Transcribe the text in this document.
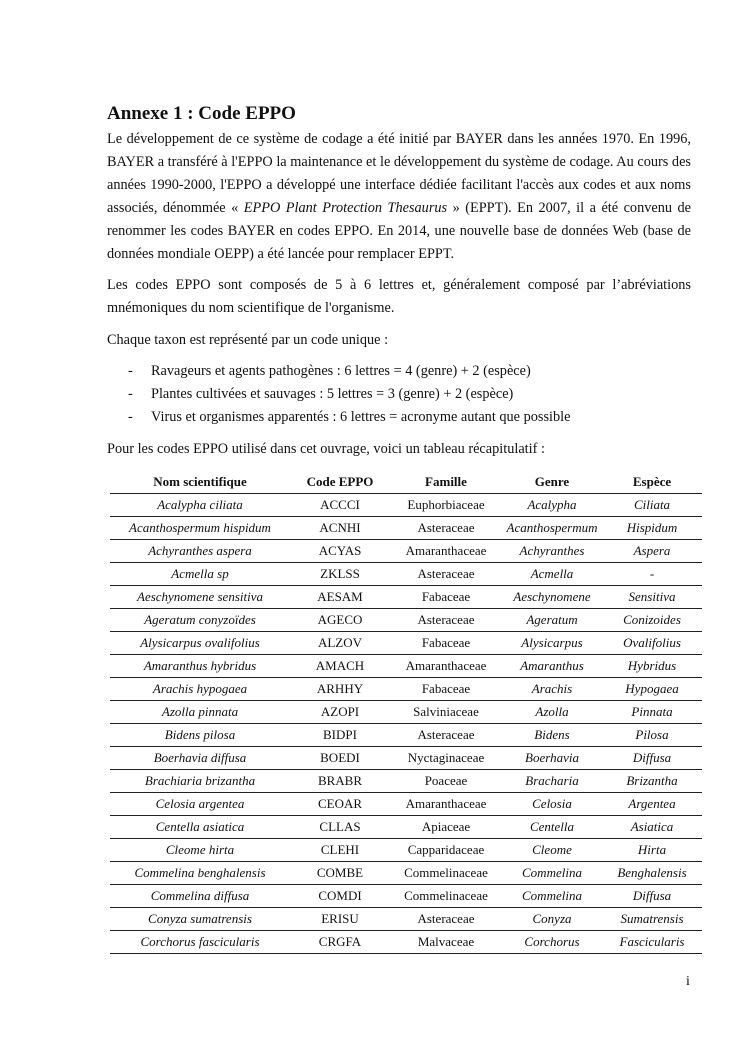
Annexe 1 : Code EPPO

Le développement de ce système de codage a été initié par BAYER dans les années 1970. En 1996, BAYER a transféré à l'EPPO la maintenance et le développement du système de codage. Au cours des années 1990-2000, l'EPPO a développé une interface dédiée facilitant l'accès aux codes et aux noms associés, dénommée « EPPO Plant Protection Thesaurus » (EPPT). En 2007, il a été convenu de renommer les codes BAYER en codes EPPO. En 2014, une nouvelle base de données Web (base de données mondiale OEPP) a été lancée pour remplacer EPPT.

Les codes EPPO sont composés de 5 à 6 lettres et, généralement composé par l’abréviations mnémoniques du nom scientifique de l'organisme.

Chaque taxon est représenté par un code unique :

- Ravageurs et agents pathogènes : 6 lettres = 4 (genre) + 2 (espèce)
- Plantes cultivées et sauvages : 5 lettres = 3 (genre) + 2 (espèce)
- Virus et organismes apparentés : 6 lettres = acronyme autant que possible

Pour les codes EPPO utilisé dans cet ouvrage, voici un tableau récapitulatif :

Nom scientifique	Code EPPO	Famille	Genre	Espèce
Acalypha ciliata	ACCCI	Euphorbiaceae	Acalypha	Ciliata
Acanthospermum hispidum	ACNHI	Asteraceae	Acanthospermum	Hispidum
Achyranthes aspera	ACYAS	Amaranthaceae	Achyranthes	Aspera
Acmella sp	ZKLSS	Asteraceae	Acmella	-
Aeschynomene sensitiva	AESAM	Fabaceae	Aeschynomene	Sensitiva
Ageratum conyzoïdes	AGECO	Asteraceae	Ageratum	Conizoides
Alysicarpus ovalifolius	ALZOV	Fabaceae	Alysicarpus	Ovalifolius
Amaranthus hybridus	AMACH	Amaranthaceae	Amaranthus	Hybridus
Arachis hypogaea	ARHHY	Fabaceae	Arachis	Hypogaea
Azolla pinnata	AZOPI	Salviniaceae	Azolla	Pinnata
Bidens pilosa	BIDPI	Asteraceae	Bidens	Pilosa
Boerhavia diffusa	BOEDI	Nyctaginaceae	Boerhavia	Diffusa
Brachiaria brizantha	BRABR	Poaceae	Bracharia	Brizantha
Celosia argentea	CEOAR	Amaranthaceae	Celosia	Argentea
Centella asiatica	CLLAS	Apiaceae	Centella	Asiatica
Cleome hirta	CLEHI	Capparidaceae	Cleome	Hirta
Commelina benghalensis	COMBE	Commelinaceae	Commelina	Benghalensis
Commelina diffusa	COMDI	Commelinaceae	Commelina	Diffusa
Conyza sumatrensis	ERISU	Asteraceae	Conyza	Sumatrensis
Corchorus fascicularis	CRGFA	Malvaceae	Corchorus	Fascicularis
i
